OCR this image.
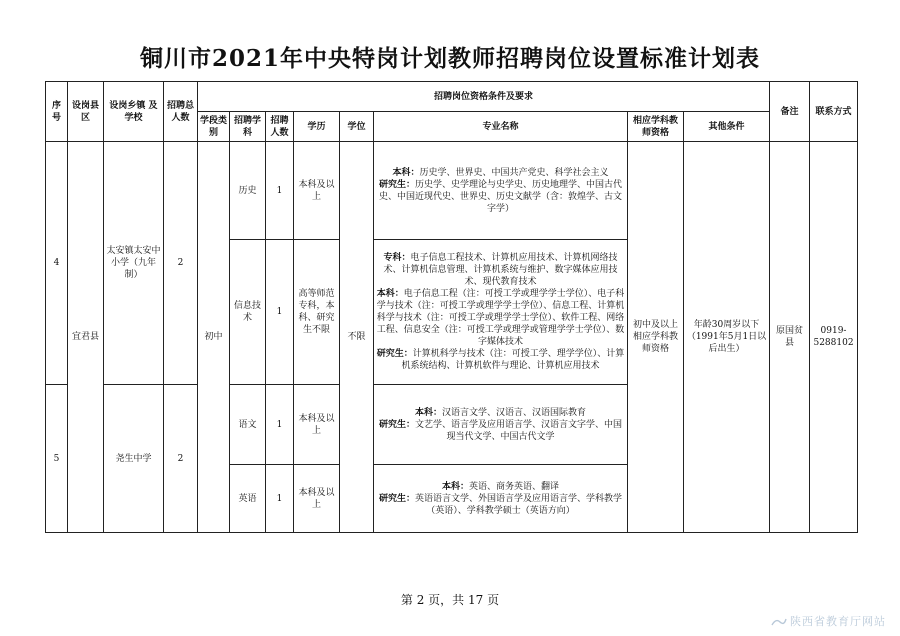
铜川市2021年中央特岗计划教师招聘岗位设置标准计划表
序号	设岗县区	设岗乡镇 及学校	招聘总人数	招聘岗位资格条件及要求								备注	联系方式
				学段类别	招聘学科	招聘人数	学历	学位	专业名称	相应学科教师资格	其他条件		
4	宜君县	太安镇太安中小学（九年制）	2	初中	历史	1	本科及以上	不限	本科：历史学、世界史、中国共产党史、科学社会主义
研究生：历史学、史学理论与史学史、历史地理学、中国古代史、中国近现代史、世界史、历史文献学（含：敦煌学、古文字学）	初中及以上相应学科教师资格	年龄30周岁以下（1991年5月1日以后出生）	原国贫县	0919-5288102
					信息技术	1	高等师范专科，本科、研究生不限		专科：电子信息工程技术、计算机应用技术、计算机网络技术、计算机信息管理、计算机系统与维护、数字媒体应用技术、现代教育技术
本科：电子信息工程（注：可授工学或理学学士学位）、电子科学与技术（注：可授工学或理学学士学位）、信息工程、计算机科学与技术（注：可授工学或理学学士学位）、软件工程、网络工程、信息安全（注：可授工学或理学或管理学学士学位）、数字媒体技术
研究生：计算机科学与技术（注：可授工学、理学学位）、计算机系统结构、计算机软件与理论、计算机应用技术				
5		尧生中学	2		语文	1	本科及以上		本科：汉语言文学、汉语言、汉语国际教育
研究生：文艺学、语言学及应用语言学、汉语言文字学、中国现当代文学、中国古代文学				
					英语	1	本科及以上		本科：英语、商务英语、翻译
研究生：英语语言文学、外国语言学及应用语言学、学科教学（英语）、学科教学硕士（英语方向）				
第 2 页，共 17 页
陕西省教育厅网站
